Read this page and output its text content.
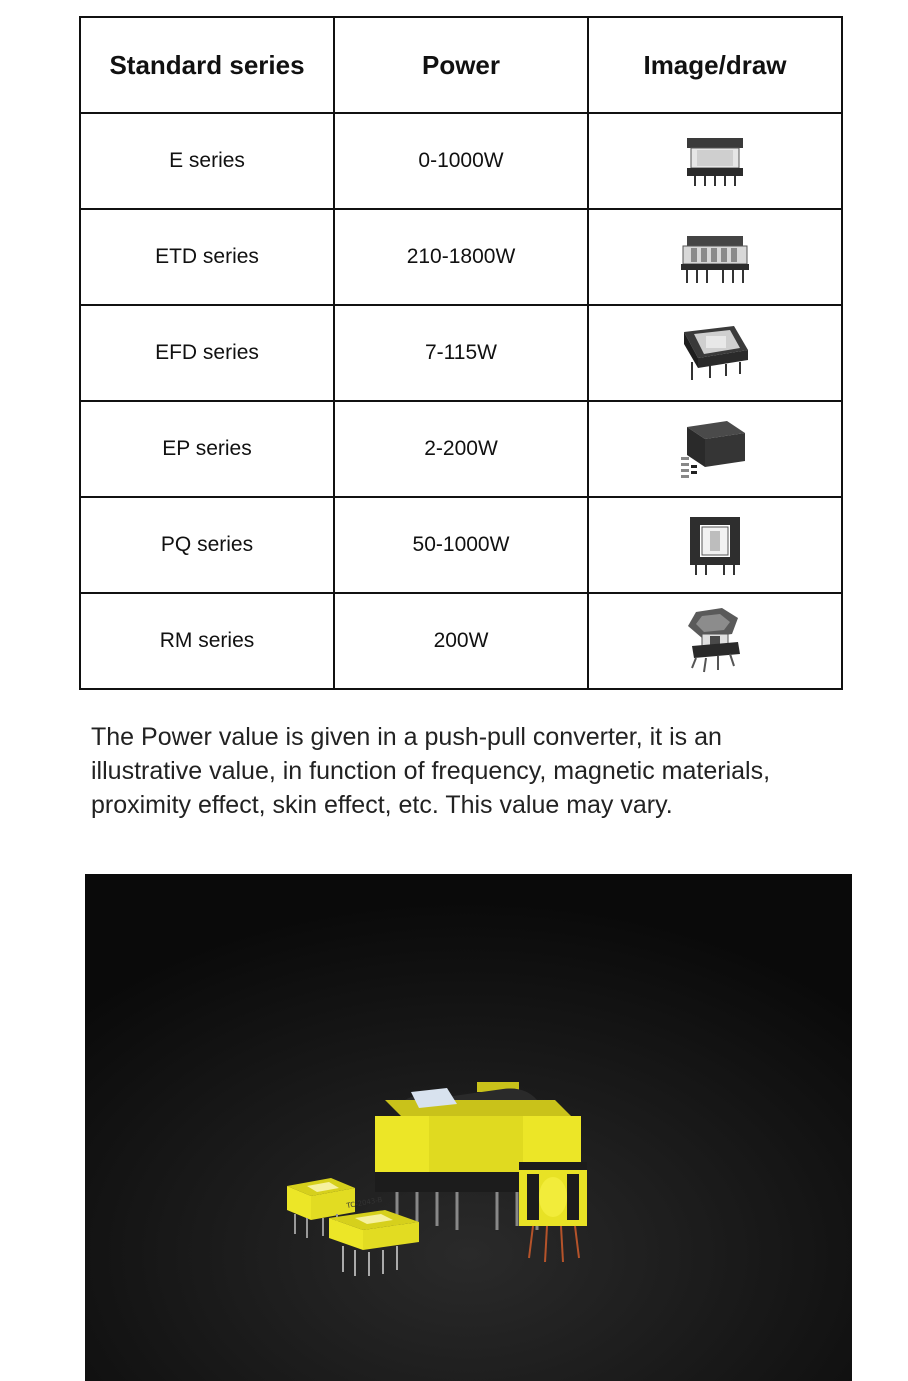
Standard series	Power	Image/draw
E series	0-1000W	

ETD series	210-1800W	

EFD series	7-115W	

EP series	2-200W	

PQ series	50-1000W	

RM series	200W	

The Power value is given in a push-pull converter, it is an illustrative value, in function of frequency, magnetic materials, proximity effect, skin effect, etc. This value may vary.

TC-2043-B
